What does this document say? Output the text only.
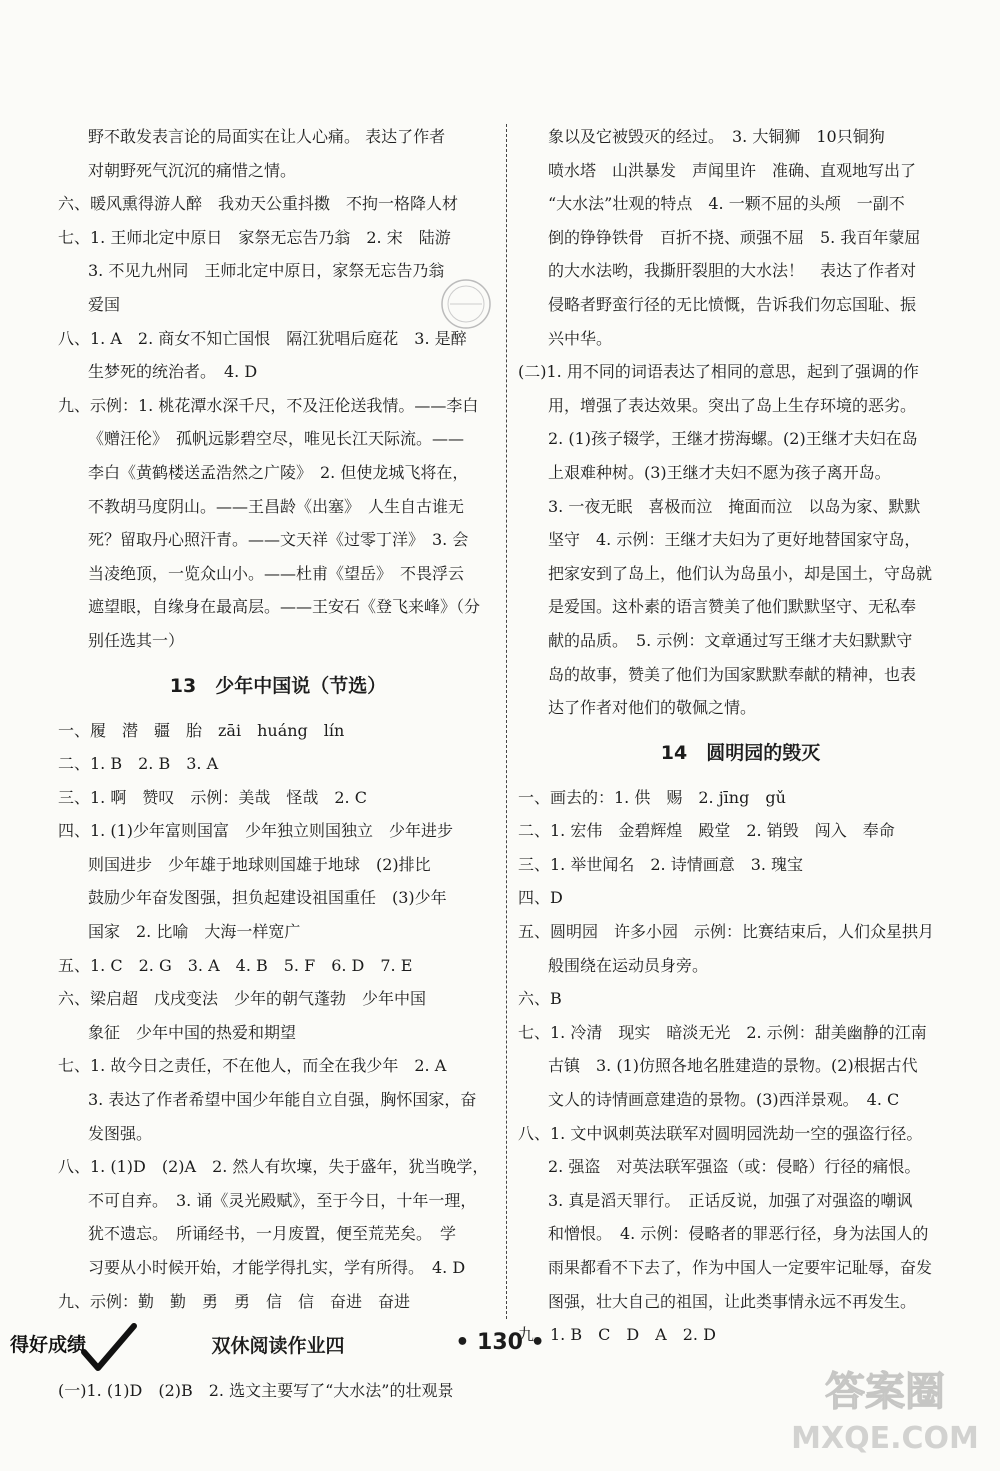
野不敢发表言论的局面实在让人心痛。 表达了作者
对朝野死气沉沉的痛惜之情。
六、暖风熏得游人醉　我劝天公重抖擞　不拘一格降人材
七、1. 王师北定中原日　家祭无忘告乃翁　2. 宋　陆游
3. 不见九州同　王师北定中原日，家祭无忘告乃翁
爱国
八、1. A　2. 商女不知亡国恨　隔江犹唱后庭花　3. 是醉
生梦死的统治者。　4. D
九、示例：1. 桃花潭水深千尺，不及汪伦送我情。——李白
《赠汪伦》　孤帆远影碧空尽，唯见长江天际流。——
李白《黄鹤楼送孟浩然之广陵》　2. 但使龙城飞将在，
不教胡马度阴山。——王昌龄《出塞》　人生自古谁无
死？留取丹心照汗青。——文天祥《过零丁洋》　3. 会
当凌绝顶，一览众山小。——杜甫《望岳》　不畏浮云
遮望眼，自缘身在最高层。——王安石《登飞来峰》（分
别任选其一）
13　少年中国说（节选）
一、履　潜　疆　胎　zāi　huáng　lín
二、1. B　2. B　3. A
三、1. 啊　赞叹　示例：美哉　怪哉　2. C
四、1. (1)少年富则国富　少年独立则国独立　少年进步
则国进步　少年雄于地球则国雄于地球　(2)排比
鼓励少年奋发图强，担负起建设祖国重任　(3)少年
国家　2. 比喻　大海一样宽广
五、1. C　2. G　3. A　4. B　5. F　6. D　7. E
六、梁启超　戊戌变法　少年的朝气蓬勃　少年中国
象征　少年中国的热爱和期望
七、1. 故今日之责任，不在他人，而全在我少年　2. A
3. 表达了作者希望中国少年能自立自强，胸怀国家，奋
发图强。
八、1. (1)D　(2)A　2. 然人有坎壈，失于盛年，犹当晚学，
不可自弃。　3. 诵《灵光殿赋》，至于今日，十年一理，
犹不遗忘。　所诵经书，一月废置，便至荒芜矣。　学
习要从小时候开始，才能学得扎实，学有所得。　4. D
九、示例：勤　勤　勇　勇　信　信　奋进　奋进
双休阅读作业四
(一)1. (1)D　(2)B　2. 选文主要写了“大水法”的壮观景
象以及它被毁灭的经过。　3. 大铜狮　10只铜狗
喷水塔　山洪暴发　声闻里许　准确、直观地写出了
“大水法”壮观的特点　4. 一颗不屈的头颅　一副不
倒的铮铮铁骨　百折不挠、顽强不屈　5. 我百年蒙屈
的大水法哟，我撕肝裂胆的大水法！　表达了作者对
侵略者野蛮行径的无比愤慨，告诉我们勿忘国耻、振
兴中华。
(二)1. 用不同的词语表达了相同的意思，起到了强调的作
用，增强了表达效果。突出了岛上生存环境的恶劣。
2. (1)孩子辍学，王继才捞海螺。(2)王继才夫妇在岛
上艰难种树。(3)王继才夫妇不愿为孩子离开岛。
3. 一夜无眠　喜极而泣　掩面而泣　以岛为家、默默
坚守　4. 示例：王继才夫妇为了更好地替国家守岛，
把家安到了岛上，他们认为岛虽小，却是国土，守岛就
是爱国。这朴素的语言赞美了他们默默坚守、无私奉
献的品质。　5. 示例：文章通过写王继才夫妇默默守
岛的故事，赞美了他们为国家默默奉献的精神，也表
达了作者对他们的敬佩之情。
14　圆明园的毁灭
一、画去的：1. 供　赐　2. jīng　gǔ
二、1. 宏伟　金碧辉煌　殿堂　2. 销毁　闯入　奉命
三、1. 举世闻名　2. 诗情画意　3. 瑰宝
四、D
五、圆明园　许多小园　示例：比赛结束后，人们众星拱月
般围绕在运动员身旁。
六、B
七、1. 冷清　现实　暗淡无光　2. 示例：甜美幽静的江南
古镇　3. (1)仿照各地名胜建造的景物。(2)根据古代
文人的诗情画意建造的景物。(3)西洋景观。　4. C
八、1. 文中讽刺英法联军对圆明园洗劫一空的强盗行径。
2. 强盗　对英法联军强盗（或：侵略）行径的痛恨。
3. 真是滔天罪行。　正话反说，加强了对强盗的嘲讽
和憎恨。　4. 示例：侵略者的罪恶行径，身为法国人的
雨果都看不下去了，作为中国人一定要牢记耻辱，奋发
图强，壮大自己的祖国，让此类事情永远不再发生。
九、1. B　C　D　A　2. D
得好成绩	• 130 •
答案圈
MXQE.COM
